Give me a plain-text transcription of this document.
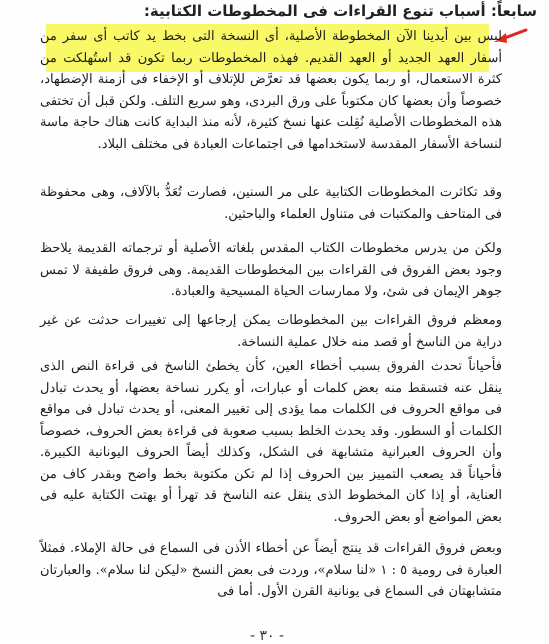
سابعاً: أسباب تنوع القراءات فى المخطوطات الكتابية:

ليس بين أيدينا الآن المخطوطة الأصلية، أى النسخة التى بخط يد كاتب أى سفر من أسفار العهد الجديد أو العهد القديم. فهذه المخطوطات ربما تكون قد استُهلكت من كثرة الاستعمال، أو ربما يكون بعضها قد تعرَّض للإتلاف أو الإخفاء فى أزمنة الإضطهاد، خصوصاً وأن بعضها كان مكتوباً على ورق البردى، وهو سريع التلف. ولكن قبل أن تختفى هذه المخطوطات الأصلية نُقِلت عنها نسخ كثيرة، لأنه منذ البداية كانت هناك حاجة ماسة لنساخة الأسفار المقدسة لاستخدامها فى اجتماعات العبادة فى مختلف البلاد.

وقد تكاثرت المخطوطات الكتابية على مر السنين، فصارت تُعَدُّ بالآلاف، وهى محفوظة فى المتاحف والمكتبات فى متناول العلماء والباحثين.

ولكن من يدرس مخطوطات الكتاب المقدس بلغاته الأصلية أو ترجماته القديمة يلاحظ وجود بعض الفروق فى القراءات بين المخطوطات القديمة. وهى فروق طفيفة لا تمس جوهر الإيمان فى شئ، ولا ممارسات الحياة المسيحية والعبادة.

ومعظم فروق القراءات بين المخطوطات يمكن إرجاعها إلى تغييرات حدثت عن غير دراية من الناسخ أو قصد منه خلال عملية النساخة.

فأحياناً تحدث الفروق بسبب أخطاء العين، كأن يخطئ الناسخ فى قراءة النص الذى ينقل عنه فتسقط منه بعض كلمات أو عبارات، أو يكرر نساخة بعضها، أو يحدث تبادل فى مواقع الحروف فى الكلمات مما يؤدى إلى تغيير المعنى، أو يحدث تبادل فى مواقع الكلمات أو السطور. وقد يحدث الخلط بسبب صعوبة فى قراءة بعض الحروف، خصوصاً وأن الحروف العبرانية متشابهة فى الشكل، وكذلك أيضاً الحروف اليونانية الكبيرة. فأحياناً قد يصعب التمييز بين الحروف إذا لم تكن مكتوبة بخط واضح وبقدر كاف من العناية، أو إذا كان المخطوط الذى ينقل عنه الناسخ قد تهرأ أو بهتت الكتابة عليه فى بعض المواضع أو بعض الحروف.

وبعض فروق القراءات قد ينتج أيضاً عن أخطاء الأذن فى السماع فى حالة الإملاء. فمثلاً العبارة فى رومية ٥ : ١ «لنا سلام»، وردت فى بعض النسخ «ليكن لنا سلام». والعبارتان متشابهتان فى السماع فى يونانية القرن الأول. أما فى

- ٣٠ -
